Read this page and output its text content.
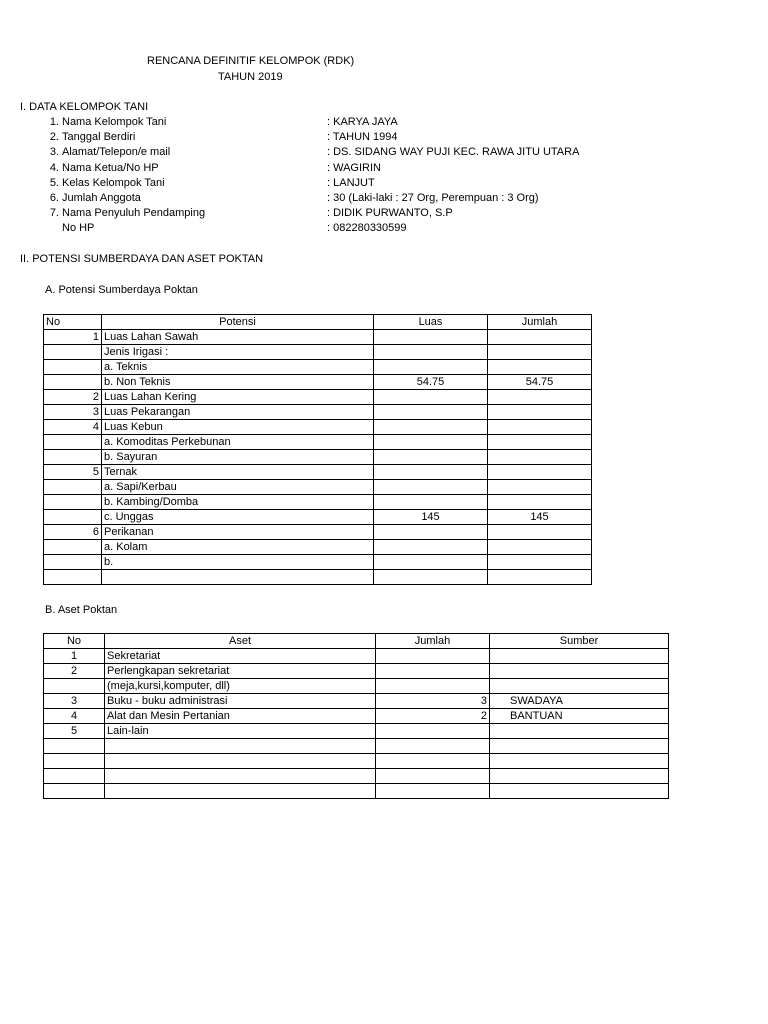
RENCANA DEFINITIF KELOMPOK (RDK)
TAHUN 2019
I. DATA KELOMPOK TANI
1. Nama Kelompok Tani	: KARYA JAYA
2. Tanggal Berdiri	: TAHUN 1994
3. Alamat/Telepon/e mail	: DS. SIDANG WAY PUJI KEC. RAWA JITU UTARA
4. Nama Ketua/No HP	: WAGIRIN
5. Kelas Kelompok Tani	: LANJUT
6. Jumlah Anggota	: 30 (Laki-laki : 27 Org, Perempuan : 3 Org)
7. Nama Penyuluh Pendamping	: DIDIK PURWANTO, S.P
No HP	: 082280330599
II. POTENSI SUMBERDAYA DAN ASET POKTAN
A. Potensi Sumberdaya Poktan
No	Potensi	Luas	Jumlah
1	Luas Lahan Sawah		
	Jenis Irigasi :		
	a. Teknis		
	b. Non Teknis	54.75	54.75
2	Luas Lahan Kering		
3	Luas Pekarangan		
4	Luas Kebun		
	a. Komoditas Perkebunan		
	b. Sayuran		
5	Ternak		
	a. Sapi/Kerbau		
	b. Kambing/Domba		
	c. Unggas	145	145
6	Perikanan		
	a. Kolam		
	b.		

B. Aset Poktan
No	Aset	Jumlah	Sumber
1	Sekretariat		
2	Perlengkapan sekretariat		
	(meja,kursi,komputer, dll)		
3	Buku - buku administrasi	3	SWADAYA
4	Alat dan Mesin Pertanian	2	BANTUAN
5	Lain-lain		
